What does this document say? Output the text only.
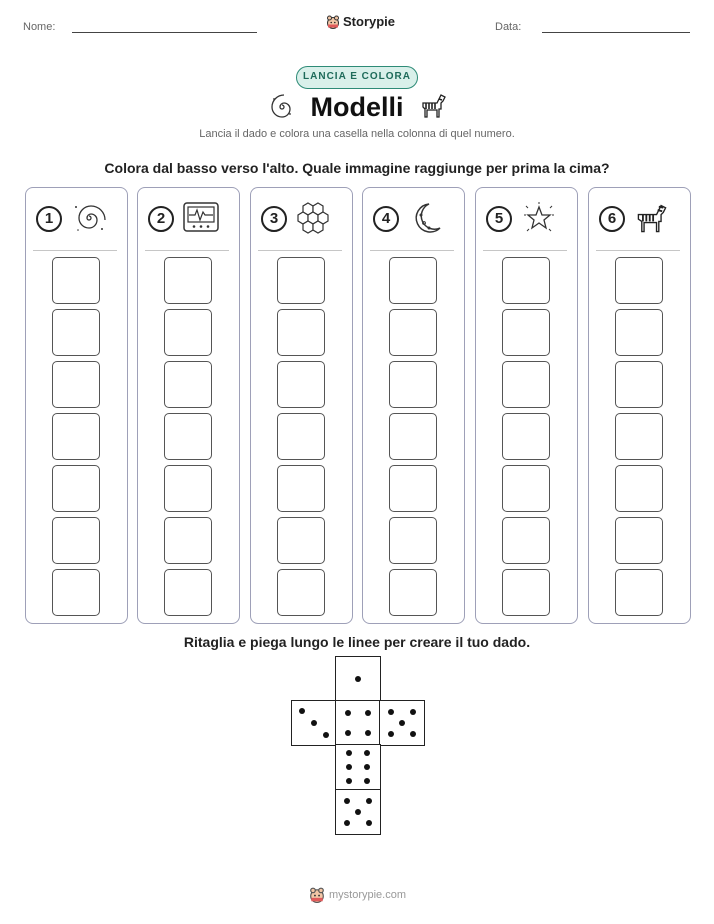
Nome:	Storypie	Data:
LANCIA E COLORA
Modelli
Lancia il dado e colora una casella nella colonna di quel numero.
Colora dal basso verso l'alto. Quale immagine raggiunge per prima la cima?
1	2	3	4	5	6
Ritaglia e piega lungo le linee per creare il tuo dado.
mystorypie.com
